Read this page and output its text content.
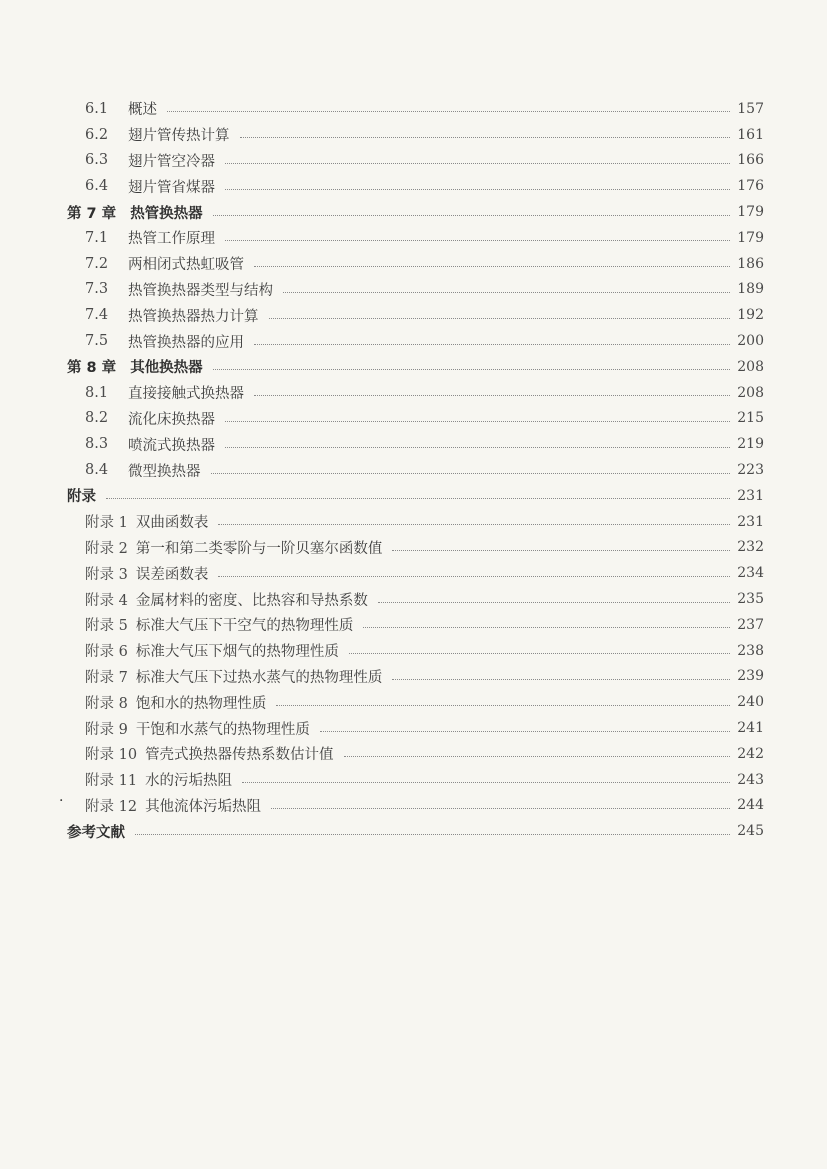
6.1	概述	157
6.2	翅片管传热计算	161
6.3	翅片管空冷器	166
6.4	翅片管省煤器	176
第 7 章 热管换热器	179
7.1	热管工作原理	179
7.2	两相闭式热虹吸管	186
7.3	热管换热器类型与结构	189
7.4	热管换热器热力计算	192
7.5	热管换热器的应用	200
第 8 章 其他换热器	208
8.1	直接接触式换热器	208
8.2	流化床换热器	215
8.3	喷流式换热器	219
8.4	微型换热器	223
附录	231
附录 1 双曲函数表	231
附录 2 第一和第二类零阶与一阶贝塞尔函数值	232
附录 3 误差函数表	234
附录 4 金属材料的密度、比热容和导热系数	235
附录 5 标准大气压下干空气的热物理性质	237
附录 6 标准大气压下烟气的热物理性质	238
附录 7 标准大气压下过热水蒸气的热物理性质	239
附录 8 饱和水的热物理性质	240
附录 9 干饱和水蒸气的热物理性质	241
附录 10 管壳式换热器传热系数估计值	242
附录 11 水的污垢热阻	243
· 附录 12 其他流体污垢热阻	244
参考文献	245
